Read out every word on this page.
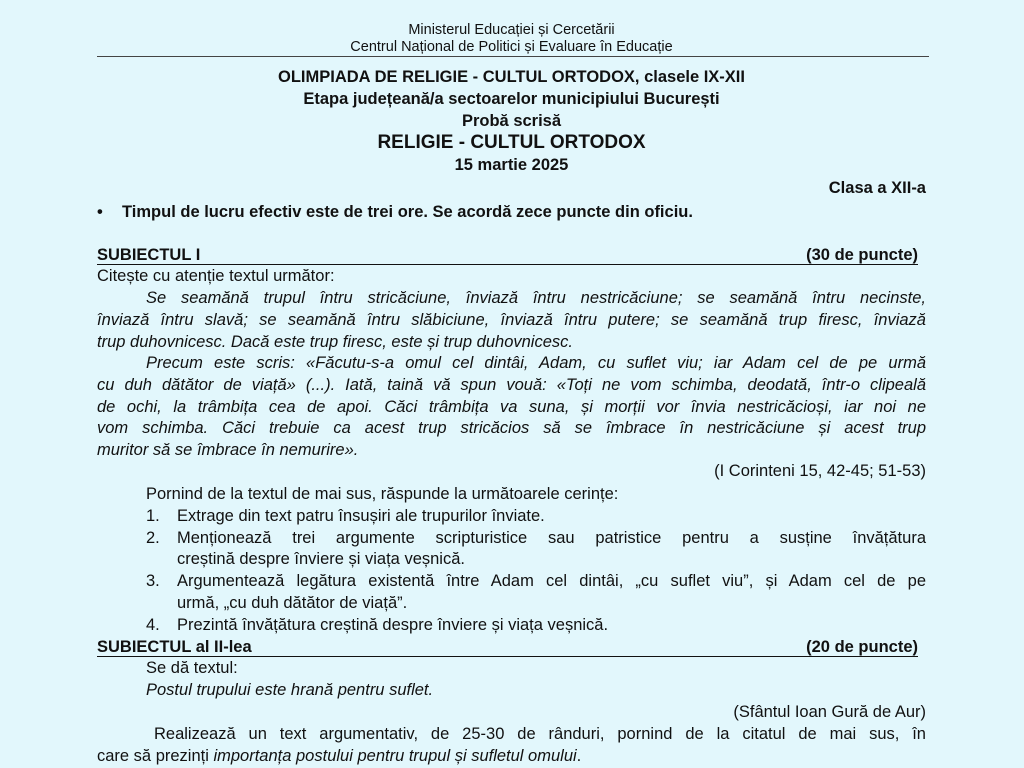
Ministerul Educației și Cercetării
Centrul Național de Politici și Evaluare în Educație
OLIMPIADA DE RELIGIE - CULTUL ORTODOX, clasele IX-XII
Etapa județeană/a sectoarelor municipiului București
Probă scrisă
RELIGIE - CULTUL ORTODOX
15 martie 2025
Clasa a XII-a
•	Timpul de lucru efectiv este de trei ore. Se acordă zece puncte din oficiu.
SUBIECTUL I	(30 de puncte)
Citește cu atenție textul următor:
Se seamănă trupul întru stricăciune, înviază întru nestricăciune; se seamănă întru necinste,
înviază întru slavă; se seamănă întru slăbiciune, înviază întru putere; se seamănă trup firesc, înviază
trup duhovnicesc. Dacă este trup firesc, este și trup duhovnicesc.
Precum este scris: «Făcutu-s-a omul cel dintâi, Adam, cu suflet viu; iar Adam cel de pe urmă
cu duh dătător de viață» (...). Iată, taină vă spun vouă: «Toți ne vom schimba, deodată, într-o clipeală
de ochi, la trâmbița cea de apoi. Căci trâmbița va suna, și morții vor învia nestricăcioși, iar noi ne
vom schimba. Căci trebuie ca acest trup stricăcios să se îmbrace în nestricăciune și acest trup
muritor să se îmbrace în nemurire».
(I Corinteni 15, 42-45; 51-53)
Pornind de la textul de mai sus, răspunde la următoarele cerințe:
1.	Extrage din text patru însușiri ale trupurilor înviate.
2.	Menționează trei argumente scripturistice sau patristice pentru a susține învățătura
creștină despre înviere și viața veșnică.
3.	Argumentează legătura existentă între Adam cel dintâi, „cu suflet viu”, și Adam cel de pe
urmă, „cu duh dătător de viață”.
4.	Prezintă învățătura creștină despre înviere și viața veșnică.
SUBIECTUL al II-lea	(20 de puncte)
Se dă textul:
Postul trupului este hrană pentru suflet.
(Sfântul Ioan Gură de Aur)
Realizează un text argumentativ, de 25-30 de rânduri, pornind de la citatul de mai sus, în
care să prezinți importanța postului pentru trupul și sufletul omului.
